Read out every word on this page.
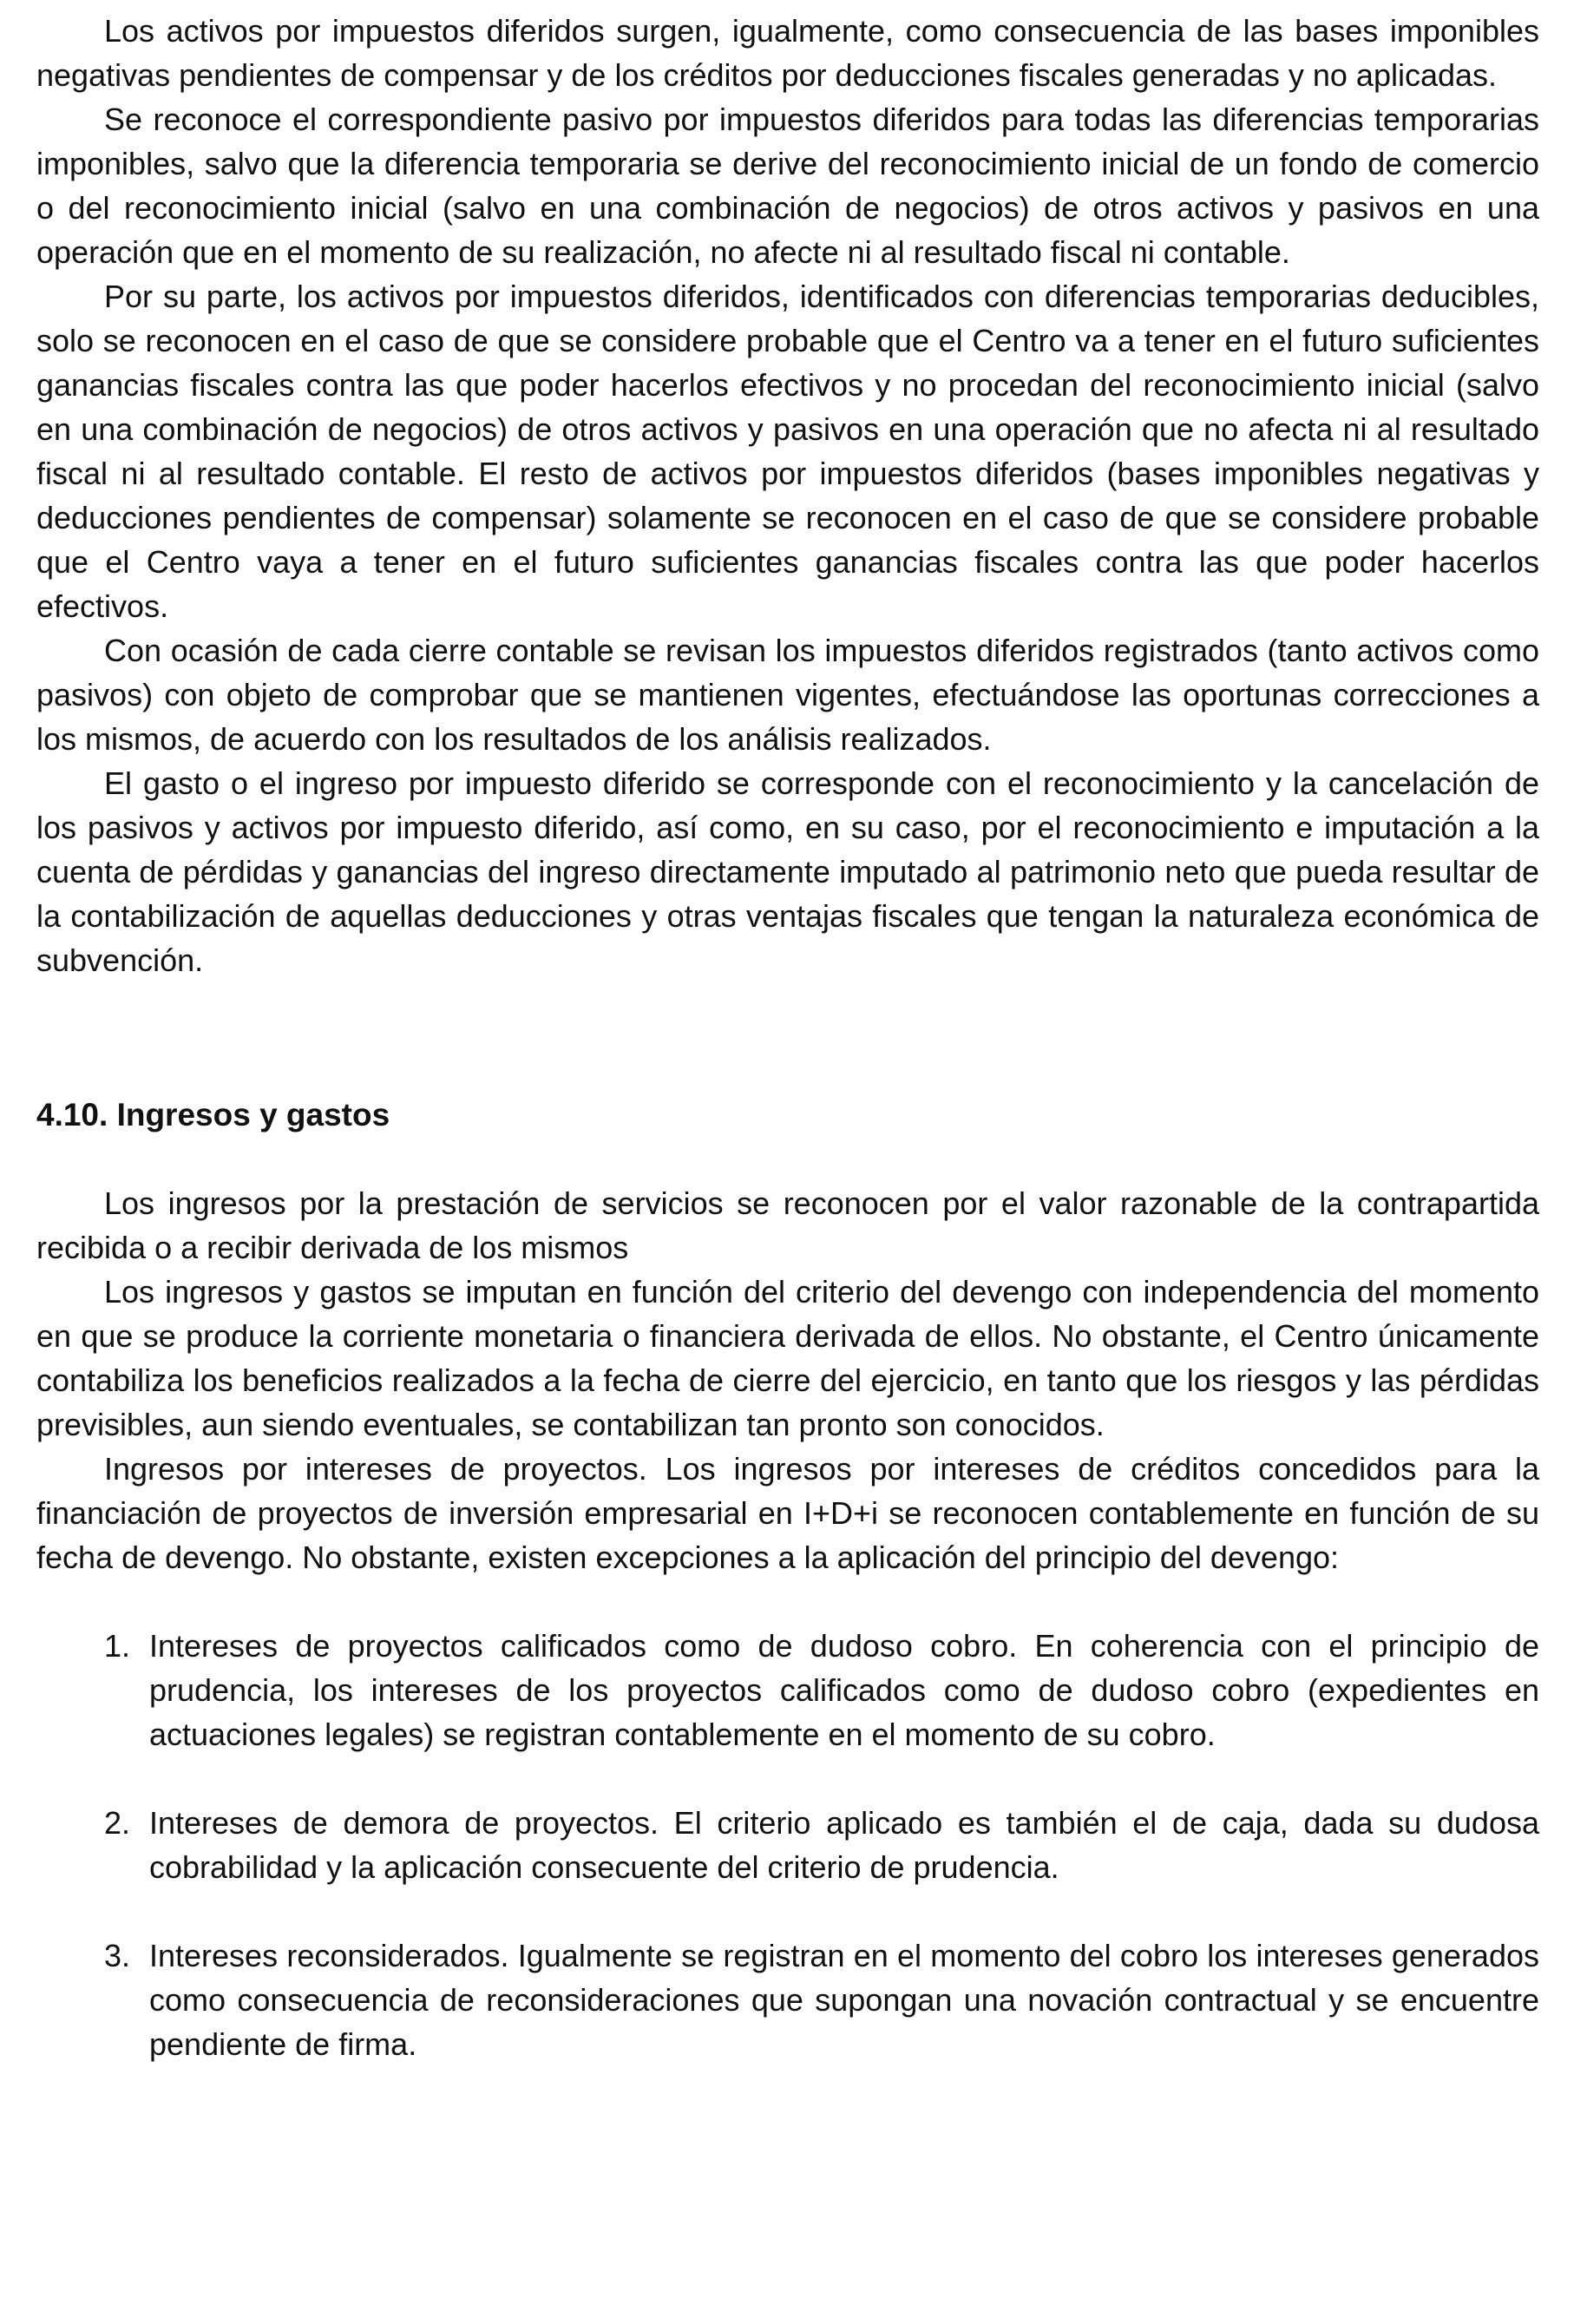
Los activos por impuestos diferidos surgen, igualmente, como consecuencia de las bases imponibles negativas pendientes de compensar y de los créditos por deducciones fiscales generadas y no aplicadas.

Se reconoce el correspondiente pasivo por impuestos diferidos para todas las diferencias temporarias imponibles, salvo que la diferencia temporaria se derive del reconocimiento inicial de un fondo de comercio o del reconocimiento inicial (salvo en una combinación de negocios) de otros activos y pasivos en una operación que en el momento de su realización, no afecte ni al resultado fiscal ni contable.

Por su parte, los activos por impuestos diferidos, identificados con diferencias temporarias deducibles, solo se reconocen en el caso de que se considere probable que el Centro va a tener en el futuro suficientes ganancias fiscales contra las que poder hacerlos efectivos y no procedan del reconocimiento inicial (salvo en una combinación de negocios) de otros activos y pasivos en una operación que no afecta ni al resultado fiscal ni al resultado contable. El resto de activos por impuestos diferidos (bases imponibles negativas y deducciones pendientes de compensar) solamente se reconocen en el caso de que se considere probable que el Centro vaya a tener en el futuro suficientes ganancias fiscales contra las que poder hacerlos efectivos.

Con ocasión de cada cierre contable se revisan los impuestos diferidos registrados (tanto activos como pasivos) con objeto de comprobar que se mantienen vigentes, efectuándose las oportunas correcciones a los mismos, de acuerdo con los resultados de los análisis realizados.

El gasto o el ingreso por impuesto diferido se corresponde con el reconocimiento y la cancelación de los pasivos y activos por impuesto diferido, así como, en su caso, por el reconocimiento e imputación a la cuenta de pérdidas y ganancias del ingreso directamente imputado al patrimonio neto que pueda resultar de la contabilización de aquellas deducciones y otras ventajas fiscales que tengan la naturaleza económica de subvención.

4.10. Ingresos y gastos

Los ingresos por la prestación de servicios se reconocen por el valor razonable de la contrapartida recibida o a recibir derivada de los mismos

Los ingresos y gastos se imputan en función del criterio del devengo con independencia del momento en que se produce la corriente monetaria o financiera derivada de ellos. No obstante, el Centro únicamente contabiliza los beneficios realizados a la fecha de cierre del ejercicio, en tanto que los riesgos y las pérdidas previsibles, aun siendo eventuales, se contabilizan tan pronto son conocidos.

Ingresos por intereses de proyectos. Los ingresos por intereses de créditos concedidos para la financiación de proyectos de inversión empresarial en I+D+i se reconocen contablemente en función de su fecha de devengo. No obstante, existen excepciones a la aplicación del principio del devengo:

1. Intereses de proyectos calificados como de dudoso cobro. En coherencia con el principio de prudencia, los intereses de los proyectos calificados como de dudoso cobro (expedientes en actuaciones legales) se registran contablemente en el momento de su cobro.
2. Intereses de demora de proyectos. El criterio aplicado es también el de caja, dada su dudosa cobrabilidad y la aplicación consecuente del criterio de prudencia.
3. Intereses reconsiderados. Igualmente se registran en el momento del cobro los intereses generados como consecuencia de reconsideraciones que supongan una novación contractual y se encuentre pendiente de firma.
